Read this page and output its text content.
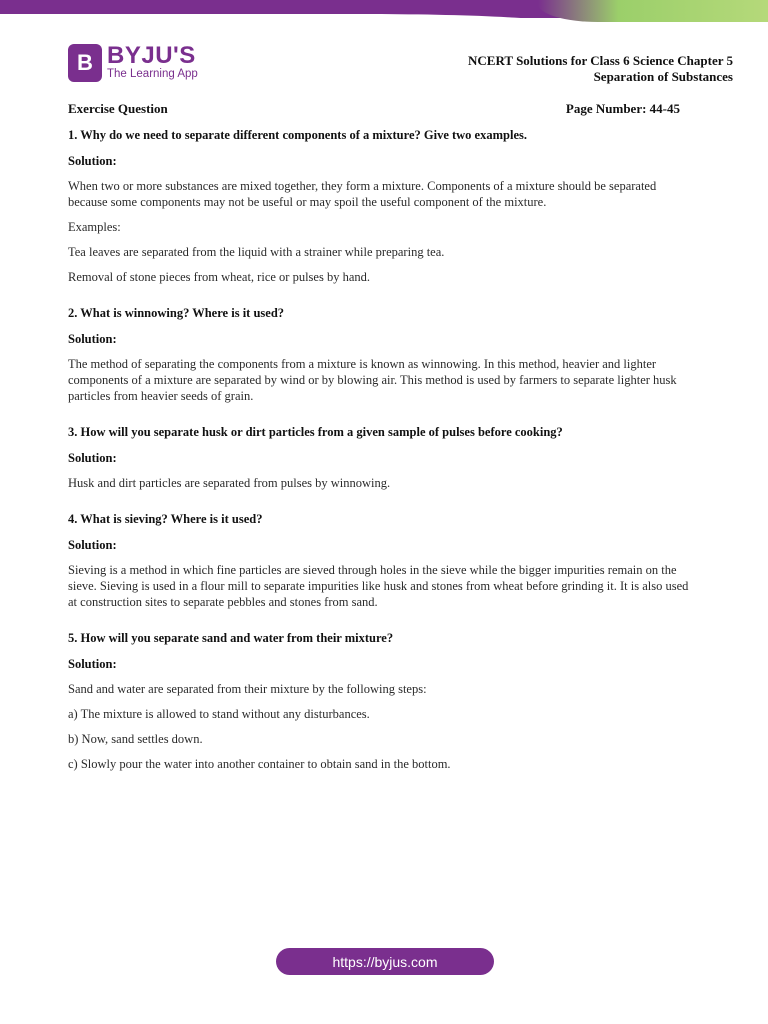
B BYJU'S
The Learning App
NCERT Solutions for Class 6 Science Chapter 5
Separation of Substances
Exercise Question	Page Number: 44-45

1. Why do we need to separate different components of a mixture? Give two examples.

Solution:

When two or more substances are mixed together, they form a mixture. Components of a mixture should be separated because some components may not be useful or may spoil the useful component of the mixture.

Examples:

Tea leaves are separated from the liquid with a strainer while preparing tea.

Removal of stone pieces from wheat, rice or pulses by hand.

2. What is winnowing? Where is it used?

Solution:

The method of separating the components from a mixture is known as winnowing. In this method, heavier and lighter components of a mixture are separated by wind or by blowing air. This method is used by farmers to separate lighter husk particles from heavier seeds of grain.

3. How will you separate husk or dirt particles from a given sample of pulses before cooking?

Solution:

Husk and dirt particles are separated from pulses by winnowing.

4. What is sieving? Where is it used?

Solution:

Sieving is a method in which fine particles are sieved through holes in the sieve while the bigger impurities remain on the sieve. Sieving is used in a flour mill to separate impurities like husk and stones from wheat before grinding it. It is also used at construction sites to separate pebbles and stones from sand.

5. How will you separate sand and water from their mixture?

Solution:

Sand and water are separated from their mixture by the following steps:

a) The mixture is allowed to stand without any disturbances.

b) Now, sand settles down.

c) Slowly pour the water into another container to obtain sand in the bottom.

https://byjus.com
